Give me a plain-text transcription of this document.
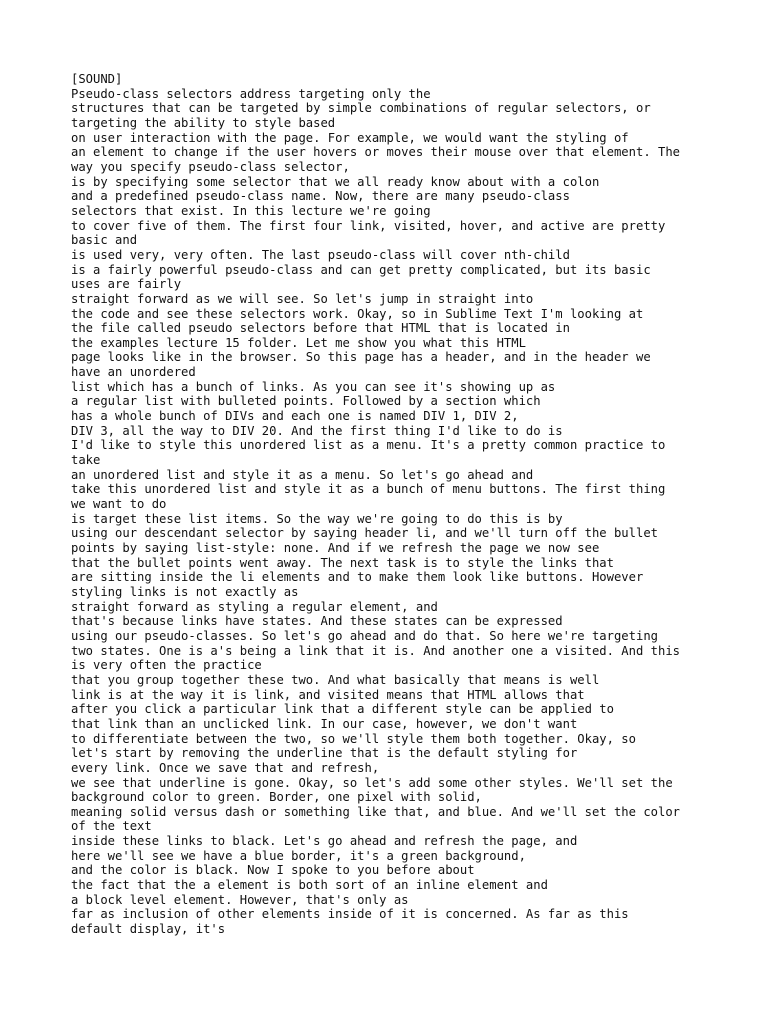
[SOUND]
Pseudo-class selectors address targeting only the
structures that can be targeted by simple combinations of regular selectors, or
targeting the ability to style based
on user interaction with the page. For example, we would want the styling of
an element to change if the user hovers or moves their mouse over that element. The
way you specify pseudo-class selector,
is by specifying some selector that we all ready know about with a colon
and a predefined pseudo-class name. Now, there are many pseudo-class
selectors that exist. In this lecture we're going
to cover five of them. The first four link, visited, hover, and active are pretty
basic and
is used very, very often. The last pseudo-class will cover nth-child
is a fairly powerful pseudo-class and can get pretty complicated, but its basic
uses are fairly
straight forward as we will see. So let's jump in straight into
the code and see these selectors work. Okay, so in Sublime Text I'm looking at
the file called pseudo selectors before that HTML that is located in
the examples lecture 15 folder. Let me show you what this HTML
page looks like in the browser. So this page has a header, and in the header we
have an unordered
list which has a bunch of links. As you can see it's showing up as
a regular list with bulleted points. Followed by a section which
has a whole bunch of DIVs and each one is named DIV 1, DIV 2,
DIV 3, all the way to DIV 20. And the first thing I'd like to do is
I'd like to style this unordered list as a menu. It's a pretty common practice to
take
an unordered list and style it as a menu. So let's go ahead and
take this unordered list and style it as a bunch of menu buttons. The first thing
we want to do
is target these list items. So the way we're going to do this is by
using our descendant selector by saying header li, and we'll turn off the bullet
points by saying list-style: none. And if we refresh the page we now see
that the bullet points went away. The next task is to style the links that
are sitting inside the li elements and to make them look like buttons. However
styling links is not exactly as
straight forward as styling a regular element, and
that's because links have states. And these states can be expressed
using our pseudo-classes. So let's go ahead and do that. So here we're targeting
two states. One is a's being a link that it is. And another one a visited. And this
is very often the practice
that you group together these two. And what basically that means is well
link is at the way it is link, and visited means that HTML allows that
after you click a particular link that a different style can be applied to
that link than an unclicked link. In our case, however, we don't want
to differentiate between the two, so we'll style them both together. Okay, so
let's start by removing the underline that is the default styling for
every link. Once we save that and refresh,
we see that underline is gone. Okay, so let's add some other styles. We'll set the
background color to green. Border, one pixel with solid,
meaning solid versus dash or something like that, and blue. And we'll set the color
of the text
inside these links to black. Let's go ahead and refresh the page, and
here we'll see we have a blue border, it's a green background,
and the color is black. Now I spoke to you before about
the fact that the a element is both sort of an inline element and
a block level element. However, that's only as
far as inclusion of other elements inside of it is concerned. As far as this
default display, it's
